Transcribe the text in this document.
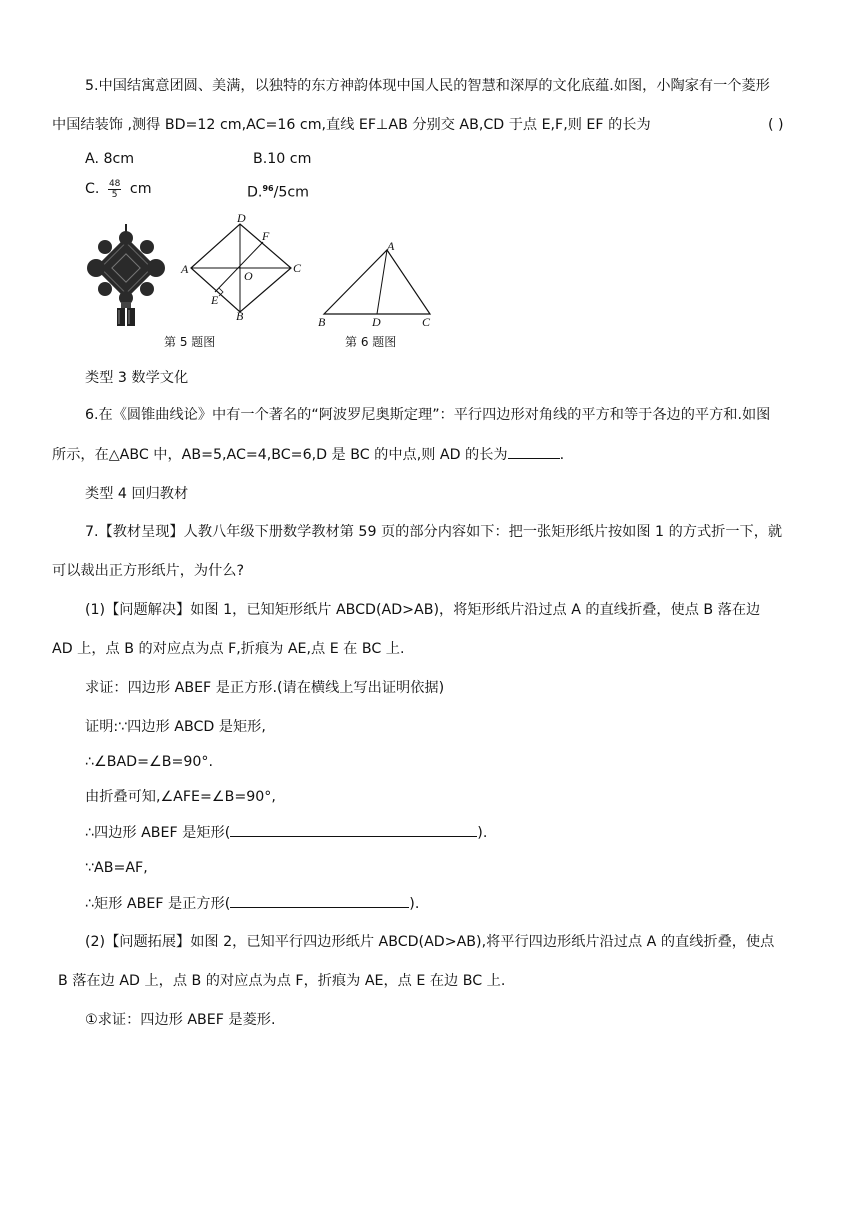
5.中国结寓意团圆、美满，以独特的东方神韵体现中国人民的智慧和深厚的文化底蕴.如图，小陶家有一个菱形
中国结装饰 ,测得 BD=12 cm,AC=16 cm,直线 EF⊥AB 分别交 AB,CD 于点 E,F,则 EF 的长为	( )
A. 8cm	B.10 cm
C. $\frac{48}{5}$ cm	D.$^{96}$/5cm
D
F
A	C
O
E
B
第 5 题图
A
B	D	C
第 6 题图
类型 3 数学文化
6.在《圆锥曲线论》中有一个著名的“阿波罗尼奥斯定理”：平行四边形对角线的平方和等于各边的平方和.如图
所示，在△ABC 中，AB=5,AC=4,BC=6,D 是 BC 的中点,则 AD 的长为	.
类型 4 回归教材
7.【教材呈现】人教八年级下册数学教材第 59 页的部分内容如下：把一张矩形纸片按如图 1 的方式折一下，就
可以裁出正方形纸片，为什么?
(1)【问题解决】如图 1，已知矩形纸片 ABCD(AD>AB)，将矩形纸片沿过点 A 的直线折叠，使点 B 落在边
AD 上，点 B 的对应点为点 F,折痕为 AE,点 E 在 BC 上.
求证：四边形 ABEF 是正方形.(请在横线上写出证明依据)
证明:∵四边形 ABCD 是矩形,
∴∠BAD=∠B=90°.
由折叠可知,∠AFE=∠B=90°,
∴四边形 ABEF 是矩形(	).
∵AB=AF,
∴矩形 ABEF 是正方形(	).
(2)【问题拓展】如图 2，已知平行四边形纸片 ABCD(AD>AB),将平行四边形纸片沿过点 A 的直线折叠，使点
B 落在边 AD 上，点 B 的对应点为点 F，折痕为 AE，点 E 在边 BC 上.
①求证：四边形 ABEF 是菱形.
